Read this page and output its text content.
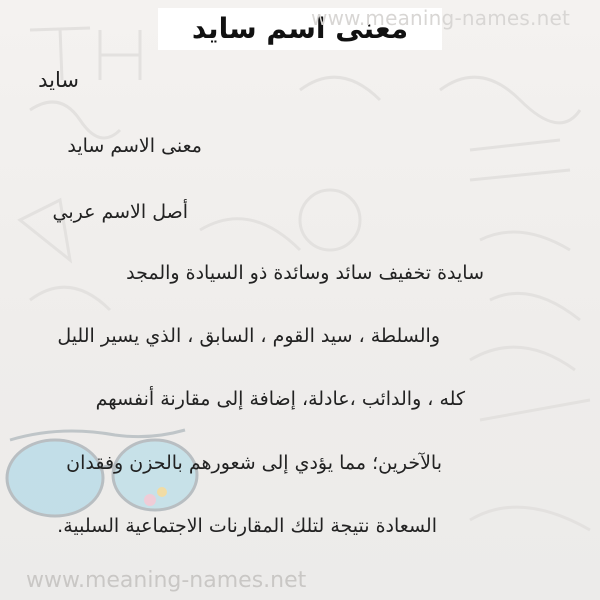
معنى اسم سايد
www.meaning-names.net
سايد
معنى الاسم سايد
أصل الاسم عربي
سايدة تخفيف سائد وسائدة ذو السيادة والمجد
والسلطة ، سيد القوم ، السابق ، الذي يسير الليل
كله ، والدائب ،عادلة، إضافة إلى مقارنة أنفسهم
بالآخرين؛ مما يؤدي إلى شعورهم بالحزن وفقدان
السعادة نتيجة لتلك المقارنات الاجتماعية السلبية.
www.meaning-names.net
